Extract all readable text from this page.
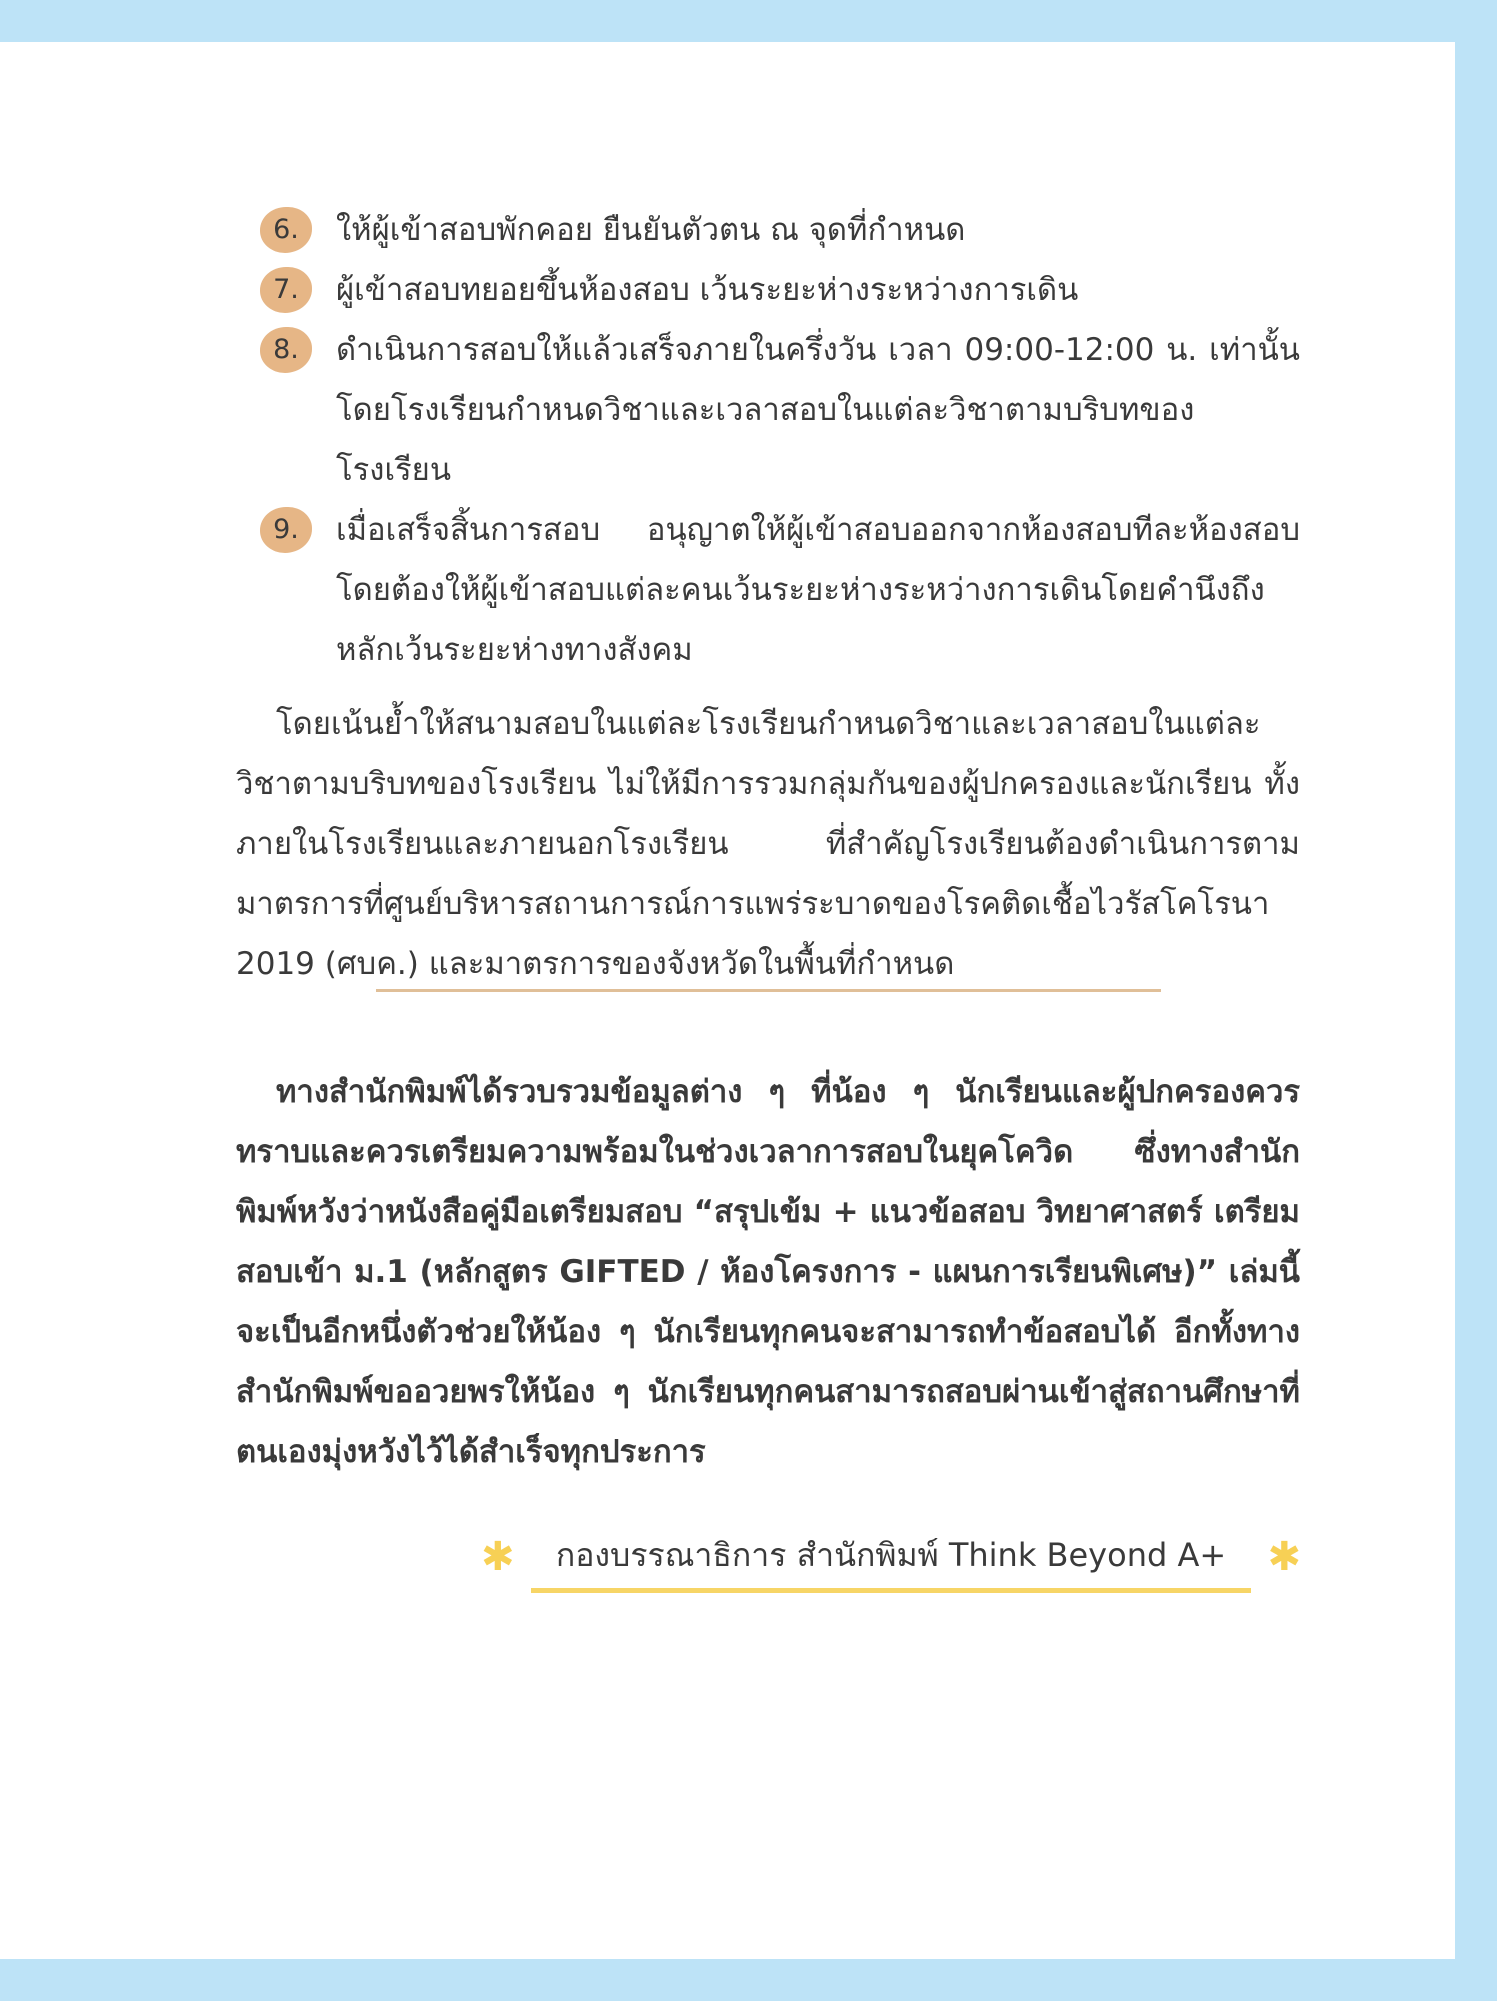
6.	ให้ผู้เข้าสอบพักคอย ยืนยันตัวตน ณ จุดที่กำหนด

7.	ผู้เข้าสอบทยอยขึ้นห้องสอบ เว้นระยะห่างระหว่างการเดิน

8.	ดำเนินการสอบให้แล้วเสร็จภายในครึ่งวัน เวลา 09:00-12:00 น. เท่านั้น โดยโรงเรียนกำหนดวิชาและเวลาสอบในแต่ละวิชาตามบริบทของโรงเรียน

9.	เมื่อเสร็จสิ้นการสอบ อนุญาตให้ผู้เข้าสอบออกจากห้องสอบทีละห้องสอบ โดยต้องให้ผู้เข้าสอบแต่ละคนเว้นระยะห่างระหว่างการเดินโดยคำนึงถึงหลักเว้นระยะห่างทางสังคม

โดยเน้นย้ำให้สนามสอบในแต่ละโรงเรียนกำหนดวิชาและเวลาสอบในแต่ละวิชาตามบริบทของโรงเรียน ไม่ให้มีการรวมกลุ่มกันของผู้ปกครองและนักเรียน ทั้งภายในโรงเรียนและภายนอกโรงเรียน ที่สำคัญโรงเรียนต้องดำเนินการตามมาตรการที่ศูนย์บริหารสถานการณ์การแพร่ระบาดของโรคติดเชื้อไวรัสโคโรนา 2019 (ศบค.) และมาตรการของจังหวัดในพื้นที่กำหนด

ทางสำนักพิมพ์ได้รวบรวมข้อมูลต่าง ๆ ที่น้อง ๆ นักเรียนและผู้ปกครองควรทราบและควรเตรียมความพร้อมในช่วงเวลาการสอบในยุคโควิด ซึ่งทางสำนักพิมพ์หวังว่าหนังสือคู่มือเตรียมสอบ “สรุปเข้ม + แนวข้อสอบ วิทยาศาสตร์ เตรียมสอบเข้า ม.1 (หลักสูตร GIFTED / ห้องโครงการ - แผนการเรียนพิเศษ)” เล่มนี้ จะเป็นอีกหนึ่งตัวช่วยให้น้อง ๆ นักเรียนทุกคนจะสามารถทำข้อสอบได้ อีกทั้งทางสำนักพิมพ์ขออวยพรให้น้อง ๆ นักเรียนทุกคนสามารถสอบผ่านเข้าสู่สถานศึกษาที่ตนเองมุ่งหวังไว้ได้สำเร็จทุกประการ

✱	กองบรรณาธิการ สำนักพิมพ์ Think Beyond A+	✱
